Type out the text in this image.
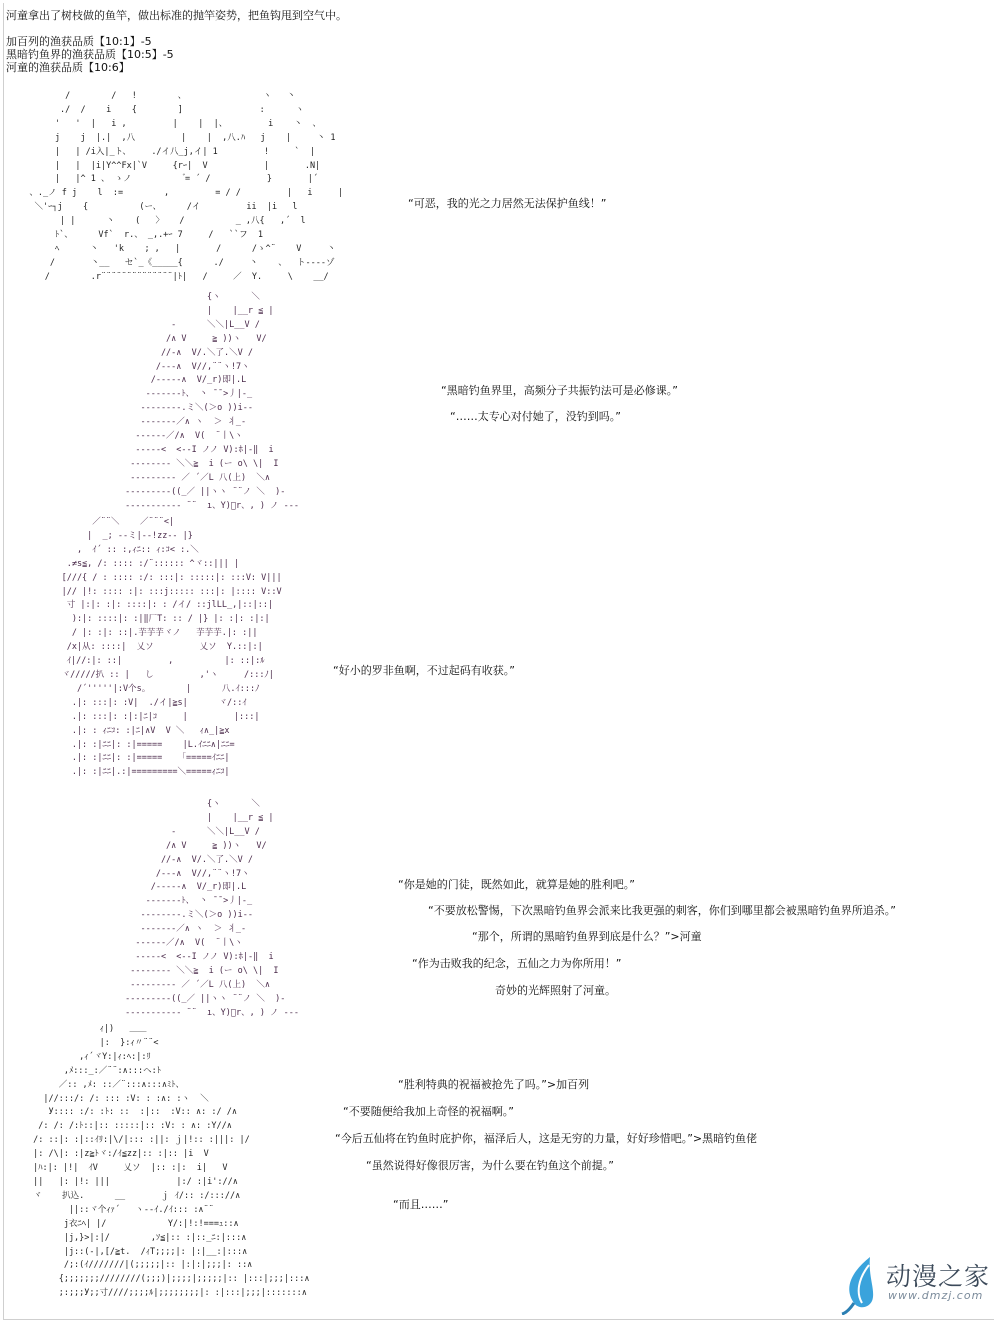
河童拿出了树枝做的鱼竿，做出标准的抛竿姿势，把鱼钩甩到空气中。
加百列的渔获品质【10:1】-5
黑暗钓鱼界的渔获品质【10:5】-5
河童的渔获品质【10:6】
/        /   !        、               ヽ   丶
./  /    i    {        ]               :      ヽ
'   '  |   i ,         |    |  |、        i    丶  、
j    j  |.|  ,八         |    |  ,八.ﾊ   j    |     丶 1
|   | /i入|_ト、    ./イ八_j,イ| 1         !     `  |
|   |  |i|Y^^Fx|`V     {rｰ|  V           |       .N|
|   |^ 1 、 ゝノ           ゙= ´ /           }       |´
、._ノ f j    l  :=        ,         = / /         |   i     |
＼'ｰ┐j    {          (ー、     /イ         ii  |i   l
| |      丶    (   〉   /          _ ,八{   ,´  l
ﾄ`、     Vf`  r.、 _,.+ｰ 7     /   ``フ  1
ﾍ      丶   'k    ; ,   |       /      /ゝ^¨    V     丶
/       丶__   セ`_《_____{      ./     丶    、  ト----ゾ
/        .r¨¨¨¨¨¨¨¨¨¨¨¨¨¨|ﾄ|   /     ／  Y.     \    __/

“可恶，我的光之力居然无法保护鱼线！”
{ヽ      ＼
|    |__r ≦ |
‐      ＼＼|L__V /
/∧ V     ≧ ))ヽ   V/
//-∧  V/.＼了.＼V /
/---∧  V//,¨¨ヽ!7ヽ
/-----∧  V/_r)即|.L
-------ﾄ、 丶 ̄ ̄ >丿|-_
--------.ミ＼(＞o ))i--
-------／∧ ヽ  ＞ 丬_-
------／/∧  V(  ¨丨\ヽ
-----<  <--I ノノ V):ﾎ|-‖  i
-------- ＼＼≧  i (ー o\ \|  I
--------- ／ ´／L 八(上)  ＼∧
---------((_／ ||ヽヽ ¨¨ノ ＼  )-
----------- ¨¨  ı、Y)゙r、, ) ノ ---

“黑暗钓鱼界里，高频分子共振钓法可是必修课。”
“……太专心对付她了，没钓到吗。”
／¨¨＼    ／¨¨¨<|
|  _; --ミ|--!zz-- |}
,  ｲ´ :: :,ｨﾆ:: ｨ:ｺ< :.＼
.≠s≦, /: :::: :/¨:::::: ^ヾ::||| |
[///{ / : :::: :/: :::|: :::::|: :::V: V|||
|// |!: :::: :|: :::j::::: :::|: |:::: V::V
寸 |:|: :|: ::::|: : /イ/ ::jlLL_,|::|::|
):|: ::::|: :|‖厂T: :: / |} |: :|: :|:|
/ |: :|: ::|.芋芋芋ヾノ   芋芋芋.|: :||
/x|从: ::::|  乂ソ         乂ソ  Y.::|:|
ｲ|//:|: ::|         ,          |: ::|:ﾙ
ヾ/////扒 :: |   し         ,'ヽ     /:::ﾉ|
/´'''''|:V个s。       |      八.ｲ:::ﾉ
.|: :::|: :V|  ./イ|≧s|      ヾ/::ｲ
.|: :::|: :|:|ﾆ|ｺ     |         |:::|
.|: : ｨﾆｺ: :|ﾆ|∧V  V ＼   ｨ∧_|≧x
.|: :|ﾆﾆ|: :|=====    |L.ｲﾆﾆ∧|ﾆﾆ=
.|: :|ﾆﾆ|: :|=====   「=====ｲﾆﾆ|
.|: :|ﾆﾆ|.:|=========＼=====ｨﾆｺ|

“好小的罗非鱼啊，不过起码有收获。”
{ヽ      ＼
|    |__r ≦ |
‐      ＼＼|L__V /
/∧ V     ≧ ))ヽ   V/
//-∧  V/.＼了.＼V /
/---∧  V//,¨¨ヽ!7ヽ
/-----∧  V/_r)即|.L
-------ﾄ、 丶 ̄ ̄ >丿|-_
--------.ミ＼(＞o ))i--
-------／∧ ヽ  ＞ 丬_-
------／/∧  V(  ¨丨\ヽ
-----<  <--I ノノ V):ﾎ|-‖  i
-------- ＼＼≧  i (ー o\ \|  I
--------- ／ ´／L 八(上)  ＼∧
---------((_／ ||ヽヽ ¨¨ノ ＼  )-
----------- ¨¨  ı、Y)゙r、, ) ノ ---

“你是她的门徒，既然如此，就算是她的胜利吧。”
“不要放松警惕，下次黑暗钓鱼界会派来比我更强的刺客，你们到哪里都会被黑暗钓鱼界所追杀。”
“那个，所谓的黑暗钓鱼界到底是什么？”>河童
“作为击败我的纪念，五仙之力为你所用！”
奇妙的光辉照射了河童。
ｨ|)   ＿＿
|:  }:ｨ〃¨¨<
,ｨ´ヾY:|ｨ:ﾍ:|:ﾘ
,ﾒ:::_:／¨¨:∧:::ヘ:ﾄ
／:: ,ﾒ: ::／¨:::∧:::∧ﾐﾄ、
|//:::/: /: ::: :V: : :∧: :ヽ  ＼
У:::: :/: :ﾄ: ::  :|::  :V:: ∧: :/ /∧
/: /: /:ﾄ::|:: :::::|:: :V: : ∧: :Y//∧
/: ::|: :|::ｲﾘ:|\/|::: :||: ｊ|!:: :|||: |/
|: /\|: :|z≧ﾄヾ:/ｲ≦zz|:: :|:: |i  V
|ﾊ:|: |!|  ｲV     乂ソ  |:: :|:  i|   V
||   |: |!: |||             |:/ :|i'://∧
ヾ    扒込.      __       ｊ ｲ/:: :/::://∧
||::ヾ个ｨｧ´   ヽ--ｲ./ｲ::: :∧¨¨
j衣ﾆﾍ| |/            Y/:|!:!===ｭ::∧
|j,}>|:|/        ,ｿ≦|:: :|::_ﾆ:|:::∧
|j::(‐|,[/≧t.  /ｨT;;;;|: |:|__:|:::∧
/;:(ｲ///////|(;;;;;|:: |:|:|;;;|: ::∧
{;;;;;;;////////(;;;)|;;;;|;;;;;|:: |:::|;;;|:::∧
;:;;;У;;寸////;;;;ﾙ|;;;;;;;;|: :|:::|;;;|:::::::∧

“胜利特典的祝福被抢先了吗。”>加百列
“不要随便给我加上奇怪的祝福啊。”
“今后五仙将在钓鱼时庇护你，福泽后人，这是无穷的力量，好好珍惜吧。”>黑暗钓鱼佬
“虽然说得好像很厉害，为什么要在钓鱼这个前提。”
“而且……”
动漫之家
www.dmzj.com
